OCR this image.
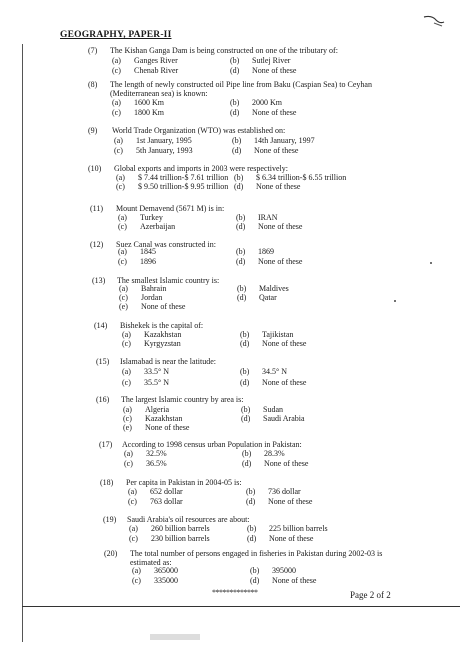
GEOGRAPHY, PAPER-II
(7) The Kishan Ganga Dam is being constructed on one of the tributary of:
(a) Ganges River	(b) Sutlej River
(c) Chenab River	(d) None of these
(8) The length of newly constructed oil Pipe line from Baku (Caspian Sea) to Ceyhan (Mediterranean sea) is known:
(a) 1600 Km	(b) 2000 Km
(c) 1800 Km	(d) None of these
(9) World Trade Organization (WTO) was established on:
(a) 1st January, 1995	(b) 14th January, 1997
(c) 5th January, 1993	(d) None of these
(10) Global exports and imports in 2003 were respectively:
(a) $ 7.44 trillion-$ 7.61 trillion (b) $ 6.34 trillion-$ 6.55 trillion
(c) $ 9.50 trillion-$ 9.95 trillion (d) None of these
(11) Mount Demavend (5671 M) is in:
(a) Turkey	(b) IRAN
(c) Azerbaijan	(d) None of these
(12) Suez Canal was constructed in:
(a) 1845	(b) 1869
(c) 1896	(d) None of these
(13) The smallest Islamic country is:
(a) Bahrain	(b) Maldives
(c) Jordan	(d) Qatar
(e) None of these
(14) Bishekek is the capital of:
(a) Kazakhstan	(b) Tajikistan
(c) Kyrgyzstan	(d) None of these
(15) Islamabad is near the latitude:
(a) 33.5° N	(b) 34.5° N
(c) 35.5° N	(d) None of these
(16) The largest Islamic country by area is:
(a) Algeria	(b) Sudan
(c) Kazakhstan	(d) Saudi Arabia
(e) None of these
(17) According to 1998 census urban Population in Pakistan:
(a) 32.5%	(b) 28.3%
(c) 36.5%	(d) None of these
(18) Per capita in Pakistan in 2004-05 is:
(a) 652 dollar	(b) 736 dollar
(c) 763 dollar	(d) None of these
(19) Saudi Arabia's oil resources are about:
(a) 260 billion barrels	(b) 225 billion barrels
(c) 230 billion barrels	(d) None of these
(20) The total number of persons engaged in fisheries in Pakistan during 2002-03 is estimated as:
(a) 365000	(b) 395000
(c) 335000	(d) None of these
*************	Page 2 of 2
